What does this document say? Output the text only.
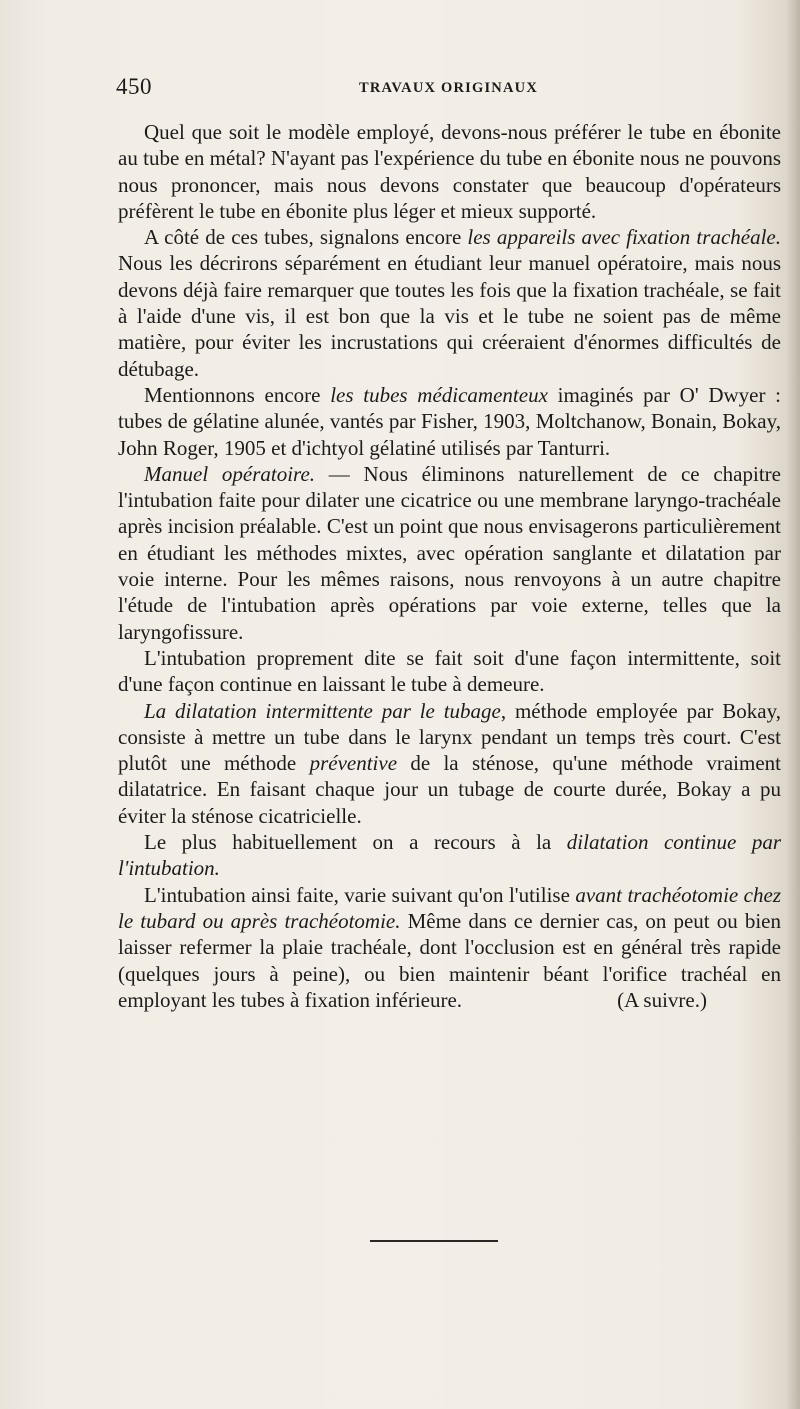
450	TRAVAUX ORIGINAUX

Quel que soit le modèle employé, devons-nous préférer le tube en ébonite au tube en métal? N'ayant pas l'expérience du tube en ébonite nous ne pouvons nous prononcer, mais nous devons constater que beaucoup d'opérateurs préfèrent le tube en ébonite plus léger et mieux supporté.

A côté de ces tubes, signalons encore les appareils avec fixation trachéale. Nous les décrirons séparément en étudiant leur manuel opératoire, mais nous devons déjà faire remarquer que toutes les fois que la fixation trachéale, se fait à l'aide d'une vis, il est bon que la vis et le tube ne soient pas de même matière, pour éviter les incrustations qui créeraient d'énormes difficultés de détubage.

Mentionnons encore les tubes médicamenteux imaginés par O' Dwyer : tubes de gélatine alunée, vantés par Fisher, 1903, Moltchanow, Bonain, Bokay, John Roger, 1905 et d'ichtyol gélatiné utilisés par Tanturri.

Manuel opératoire. — Nous éliminons naturellement de ce chapitre l'intubation faite pour dilater une cicatrice ou une membrane laryngo-trachéale après incision préalable. C'est un point que nous envisagerons particulièrement en étudiant les méthodes mixtes, avec opération sanglante et dilatation par voie interne. Pour les mêmes raisons, nous renvoyons à un autre chapitre l'étude de l'intubation après opérations par voie externe, telles que la laryngofissure.

L'intubation proprement dite se fait soit d'une façon intermittente, soit d'une façon continue en laissant le tube à demeure.

La dilatation intermittente par le tubage, méthode employée par Bokay, consiste à mettre un tube dans le larynx pendant un temps très court. C'est plutôt une méthode préventive de la sténose, qu'une méthode vraiment dilatatrice. En faisant chaque jour un tubage de courte durée, Bokay a pu éviter la sténose cicatricielle.

Le plus habituellement on a recours à la dilatation continue par l'intubation.

L'intubation ainsi faite, varie suivant qu'on l'utilise avant trachéotomie chez le tubard ou après trachéotomie. Même dans ce dernier cas, on peut ou bien laisser refermer la plaie trachéale, dont l'occlusion est en général très rapide (quelques jours à peine), ou bien maintenir béant l'orifice trachéal en employant les tubes à fixation inférieure.	(A suivre.)
